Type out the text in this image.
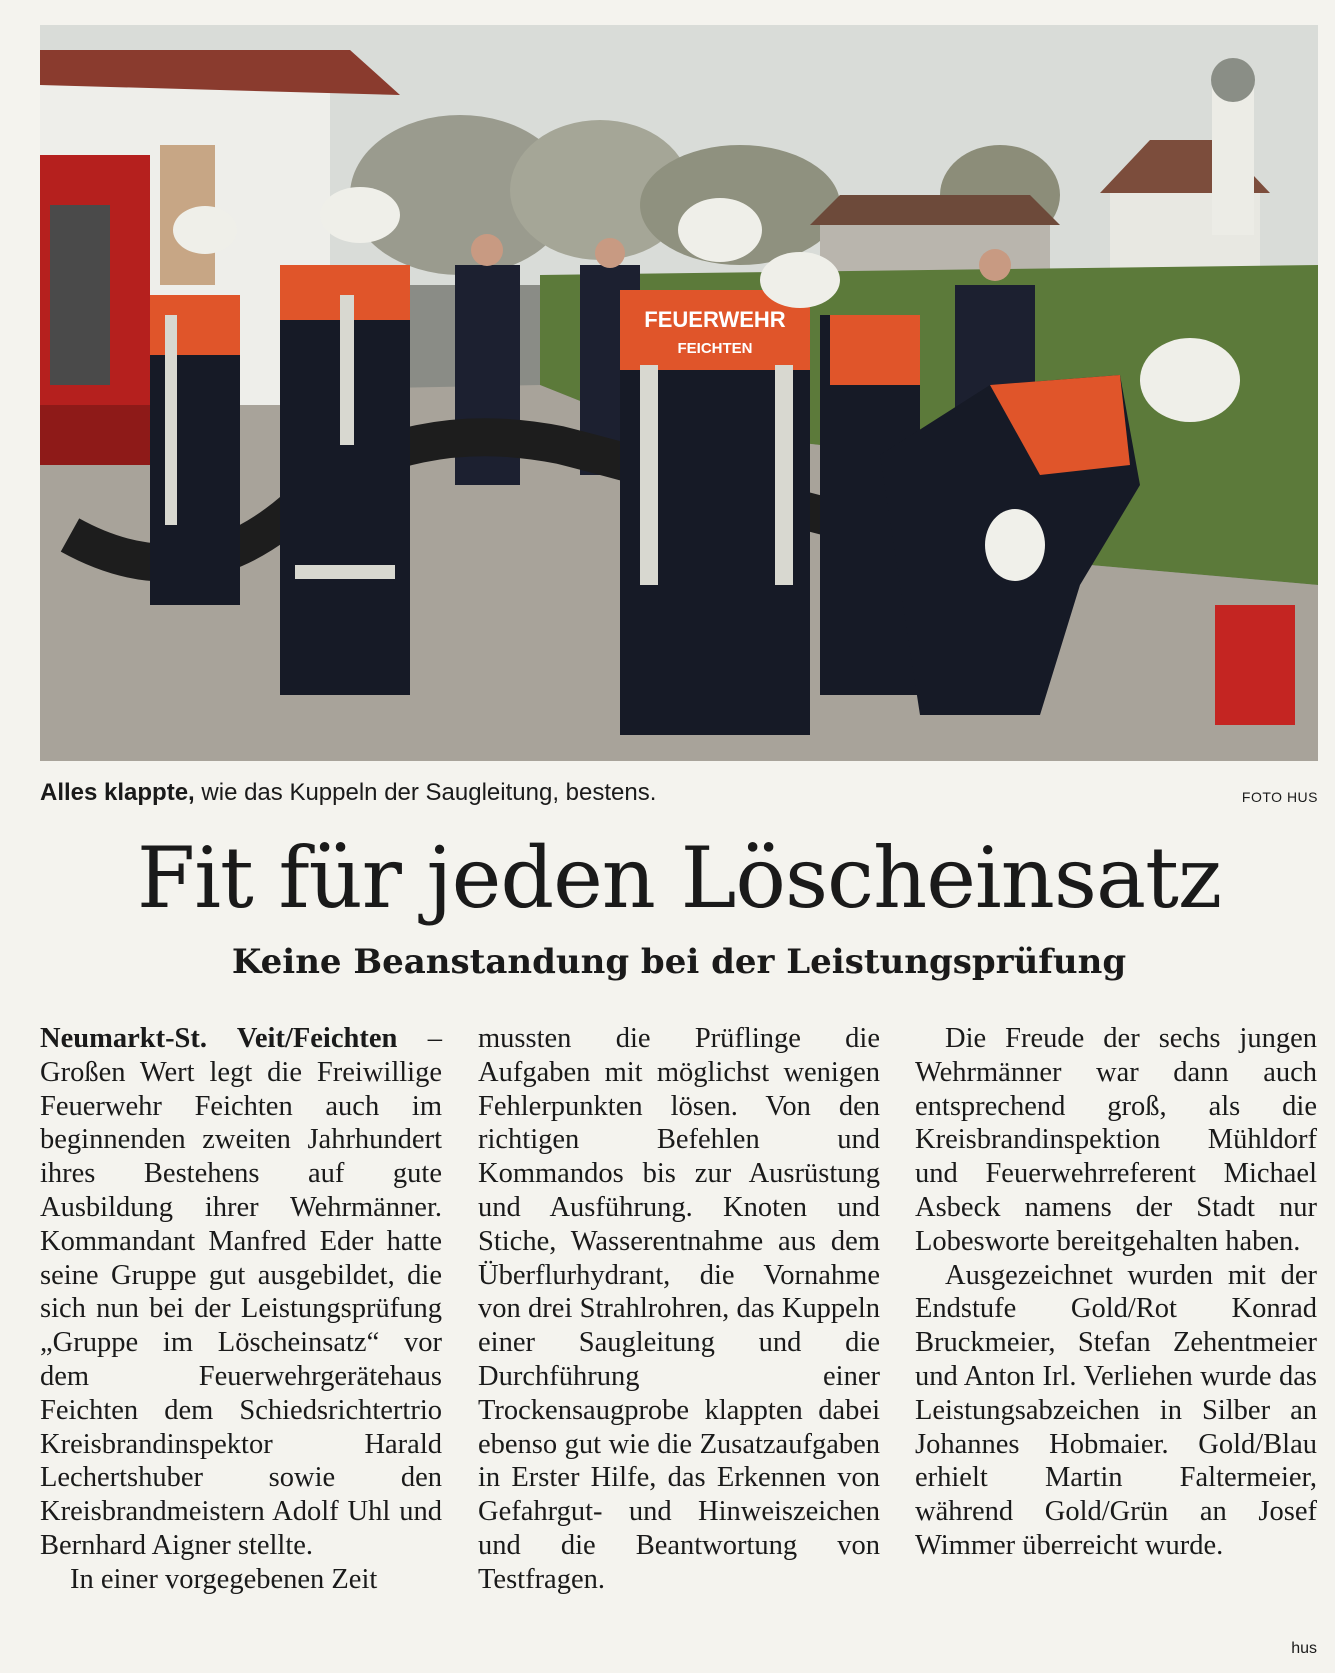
FEUERWEHR
FEICHTEN
Alles klappte, wie das Kuppeln der Saugleitung, bestens.	FOTO HUS
Fit für jeden Löscheinsatz
Keine Beanstandung bei der Leistungsprüfung

Neumarkt-St. Veit/Feichten – Großen Wert legt die Freiwillige Feuerwehr Feichten auch im beginnenden zweiten Jahrhundert ihres Bestehens auf gute Ausbildung ihrer Wehrmänner. Kommandant Manfred Eder hatte seine Gruppe gut ausgebildet, die sich nun bei der Leistungsprüfung „Gruppe im Löscheinsatz“ vor dem Feuerwehrgerätehaus Feichten dem Schiedsrichtertrio Kreisbrandinspektor Harald Lechertshuber sowie den Kreisbrandmeistern Adolf Uhl und Bernhard Aigner stellte.

In einer vorgegebenen Zeit

mussten die Prüflinge die Aufgaben mit möglichst wenigen Fehlerpunkten lösen. Von den richtigen Befehlen und Kommandos bis zur Ausrüstung und Ausführung. Knoten und Stiche, Wasserentnahme aus dem Überflurhydrant, die Vornahme von drei Strahlrohren, das Kuppeln einer Saugleitung und die Durchführung einer Trockensaugprobe klappten dabei ebenso gut wie die Zusatzaufgaben in Erster Hilfe, das Erkennen von Gefahrgut- und Hinweiszeichen und die Beantwortung von Testfragen.

Die Freude der sechs jungen Wehrmänner war dann auch entsprechend groß, als die Kreisbrandinspektion Mühldorf und Feuerwehrreferent Michael Asbeck namens der Stadt nur Lobesworte bereitgehalten haben.

Ausgezeichnet wurden mit der Endstufe Gold/Rot Konrad Bruckmeier, Stefan Zehentmeier und Anton Irl. Verliehen wurde das Leistungsabzeichen in Silber an Johannes Hobmaier. Gold/Blau erhielt Martin Faltermeier, während Gold/Grün an Josef Wimmer überreicht wurde.

hus
